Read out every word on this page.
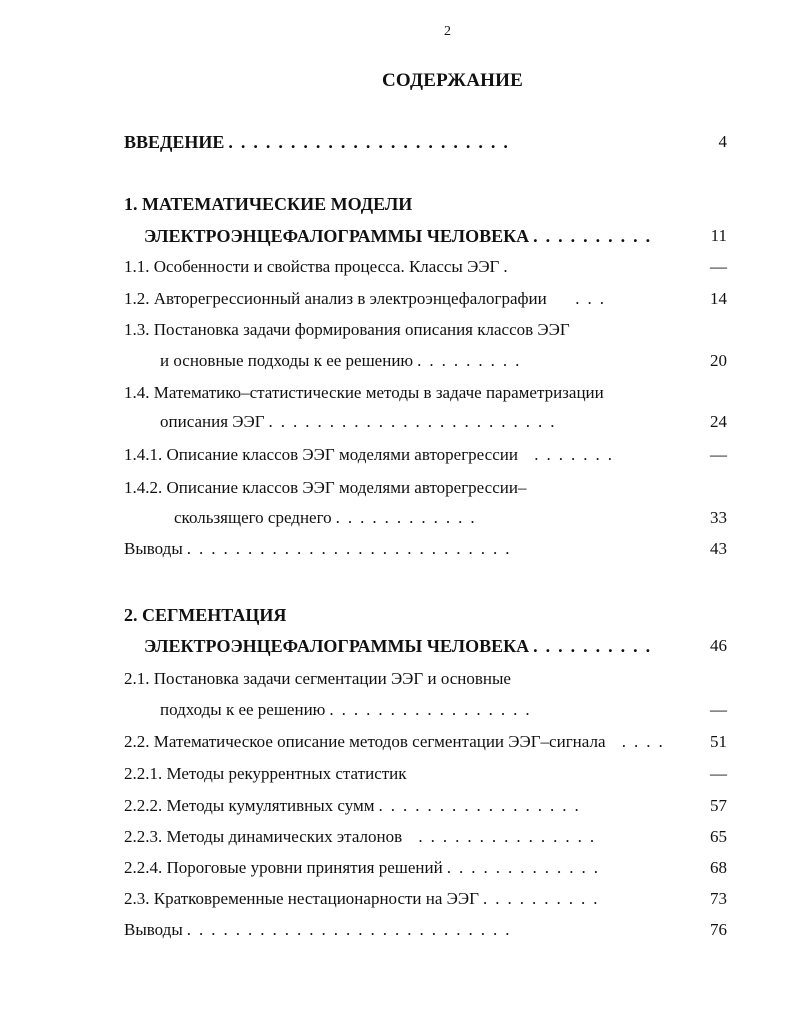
2
СОДЕРЖАНИЕ
ВВЕДЕНИЕ .......................	4
1. МАТЕМАТИЧЕСКИЕ МОДЕЛИ
ЭЛЕКТРОЭНЦЕФАЛОГРАММЫ ЧЕЛОВЕКА ..........	11
1.1. Особенности и свойства процесса. Классы ЭЭГ .	—
1.2. Авторегрессионный анализ в электроэнцефалографии  ...	14
1.3. Постановка задачи формирования описания классов ЭЭГ
и основные подходы к ее решению .........	20
1.4. Математико–статистические методы в задаче параметризации
описания ЭЭГ ........................	24
1.4.1. Описание классов ЭЭГ моделями авторегрессии .......	—
1.4.2. Описание классов ЭЭГ моделями авторегрессии–
скользящего среднего ............	33
Выводы ...........................	43
2. СЕГМЕНТАЦИЯ
ЭЛЕКТРОЭНЦЕФАЛОГРАММЫ ЧЕЛОВЕКА ..........	46
2.1. Постановка задачи сегментации ЭЭГ и основные
подходы к ее решению .................	—
2.2. Математическое описание методов сегментации ЭЭГ–сигнала ....	51
2.2.1. Методы рекуррентных статистик	—
2.2.2. Методы кумулятивных сумм .................	57
2.2.3. Методы динамических эталонов ...............	65
2.2.4. Пороговые уровни принятия решений .............	68
2.3. Кратковременные нестационарности на ЭЭГ ..........	73
Выводы ...........................	76
